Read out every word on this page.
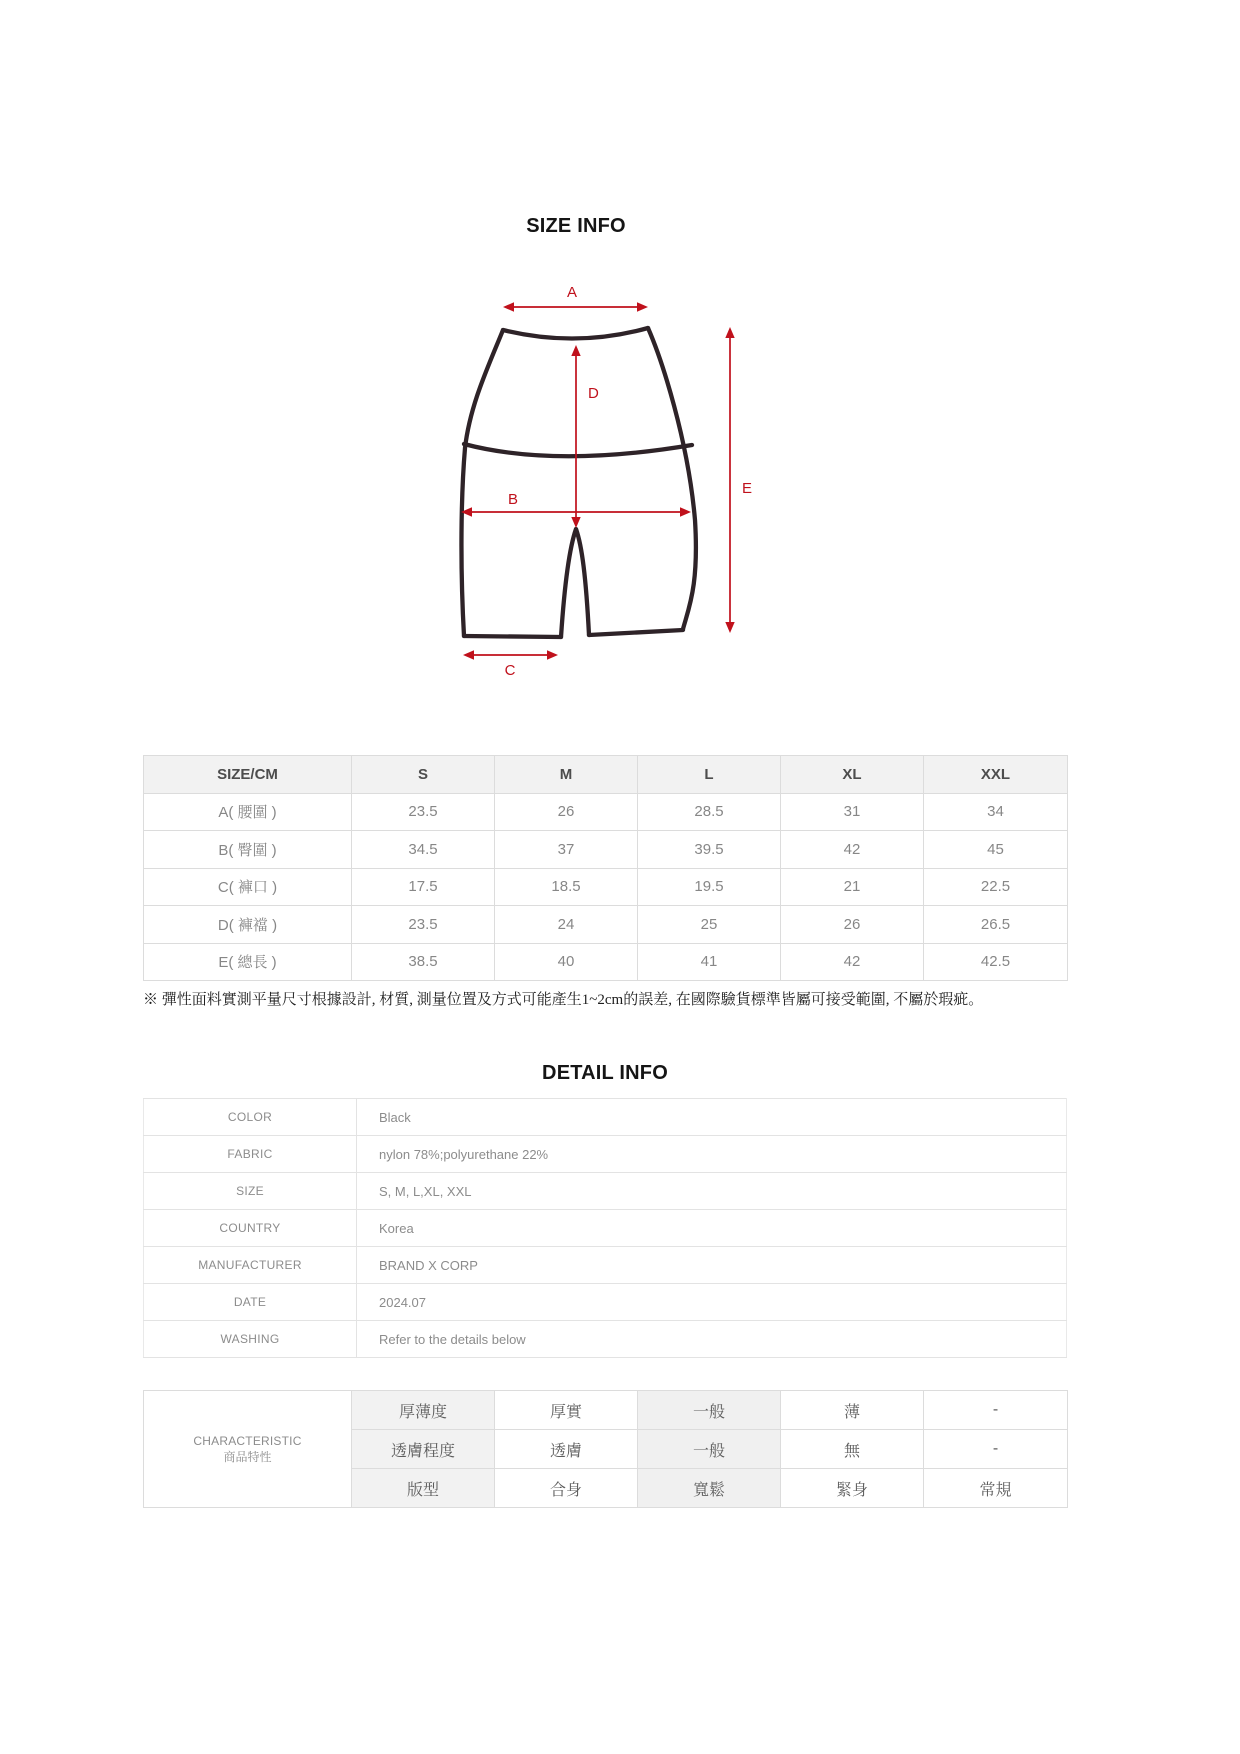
SIZE INFO
A
D
B
C
E
SIZE/CM	S	M	L	XL	XXL
A( 腰圍 )	23.5	26	28.5	31	34
B( 臀圍 )	34.5	37	39.5	42	45
C( 褲口 )	17.5	18.5	19.5	21	22.5
D( 褲襠 )	23.5	24	25	26	26.5
E( 總長 )	38.5	40	41	42	42.5

※ 彈性面料實測平量尺寸根據設計, 材質, 測量位置及方式可能產生1~2cm的誤差, 在國際驗貨標準皆屬可接受範圍, 不屬於瑕疵。

DETAIL INFO
COLOR	Black
FABRIC	nylon 78%;polyurethane 22%
SIZE	S, M, L,XL, XXL
COUNTRY	Korea
MANUFACTURER	BRAND X CORP
DATE	2024.07
WASHING	Refer to the details below
CHARACTERISTIC
商品特性	厚薄度	厚實	一般	薄	-
	透膚程度	透膚	一般	無	-
	版型	合身	寬鬆	緊身	常規
